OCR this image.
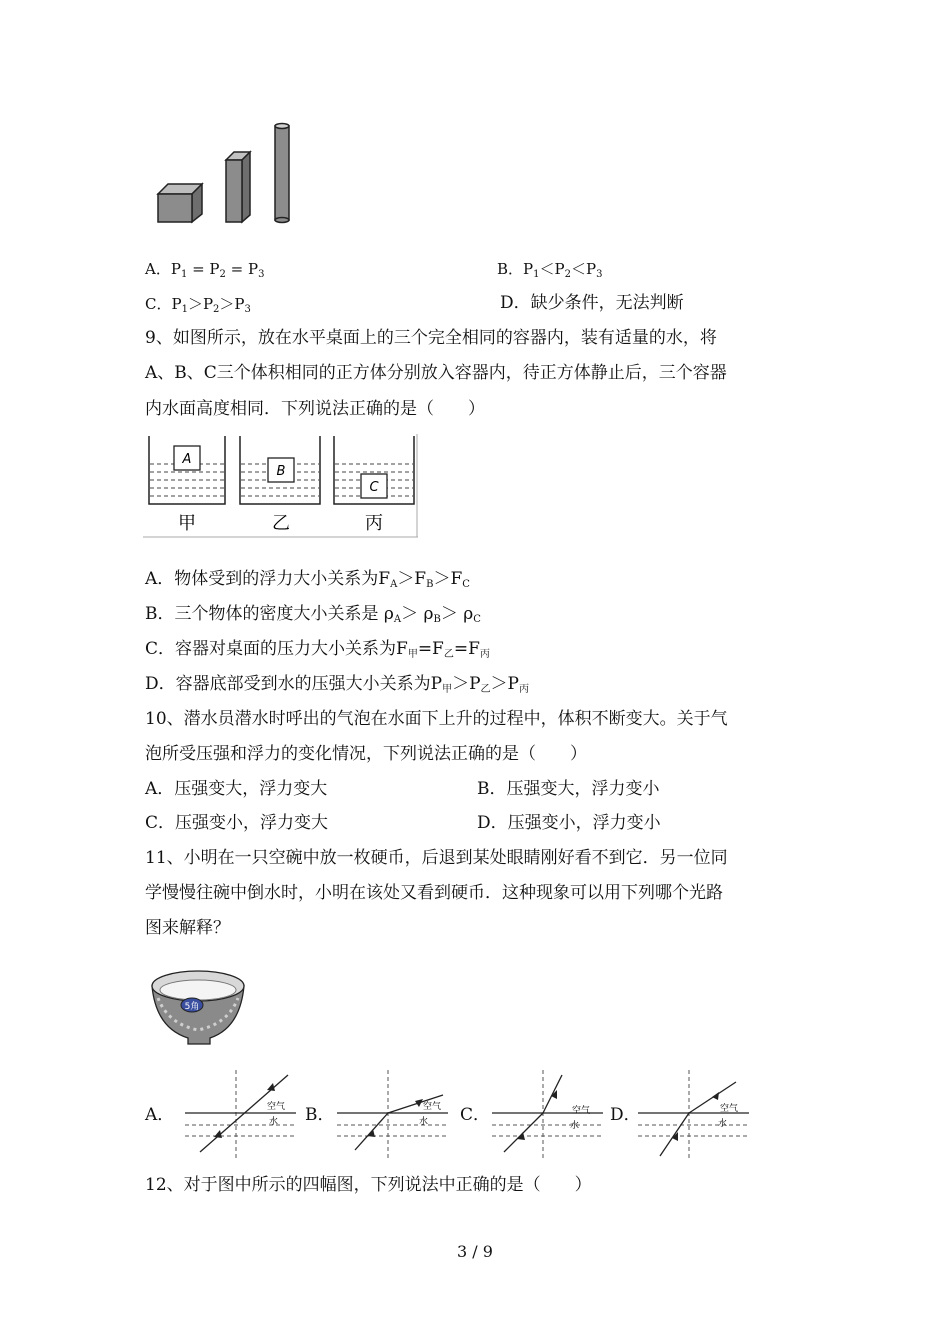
A．$P_1 = P_2 = P_3$	B．$P_1<P_2<P_3$
C．$P_1>P_2>P_3$	D．缺少条件，无法判断
9、如图所示，放在水平桌面上的三个完全相同的容器内，装有适量的水，将
A、B、C三个体积相同的正方体分别放入容器内，待正方体静止后，三个容器
内水面高度相同．下列说法正确的是（　　）
A
甲
B
乙
C
丙
A．物体受到的浮力大小关系为$F_A>F_B>F_C$
B．三个物体的密度大小关系是 $\rho_A> \rho_B> \rho_C$
C．容器对桌面的压力大小关系为$F_甲=F_乙=F_丙$
D．容器底部受到水的压强大小关系为$P_甲>P_乙>P_丙$
10、潜水员潜水时呼出的气泡在水面下上升的过程中，体积不断变大。关于气
泡所受压强和浮力的变化情况，下列说法正确的是（　　）
A．压强变大，浮力变大	B．压强变大，浮力变小
C．压强变小，浮力变大	D．压强变小，浮力变小
11、小明在一只空碗中放一枚硬币，后退到某处眼睛刚好看不到它．另一位同
学慢慢往碗中倒水时，小明在该处又看到硬币．这种现象可以用下列哪个光路
图来解释？
5角
A．	空气
水 B．	空气
水 C．	空气
水
D．	空气
水
12、对于图中所示的四幅图，下列说法中正确的是（　　）
3 / 9
